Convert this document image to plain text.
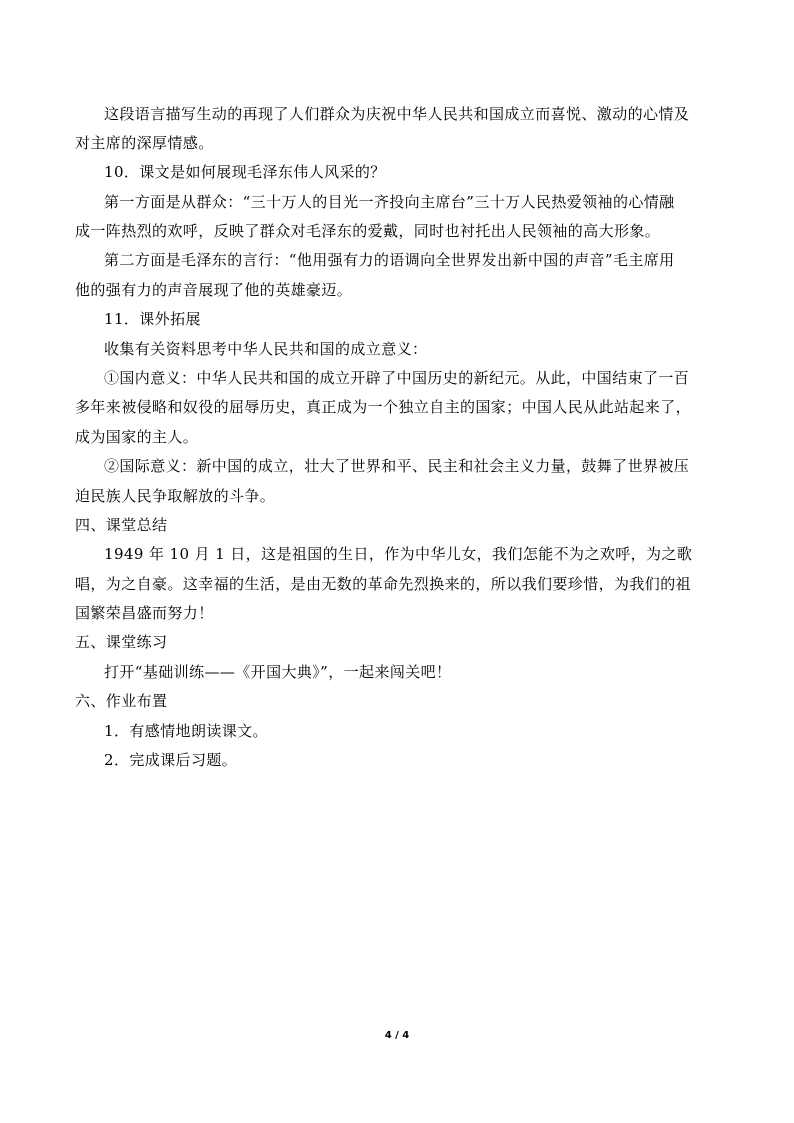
这段语言描写生动的再现了人们群众为庆祝中华人民共和国成立而喜悦、激动的心情及
对主席的深厚情感。
10．课文是如何展现毛泽东伟人风采的？
第一方面是从群众：“三十万人的目光一齐投向主席台”三十万人民热爱领袖的心情融
成一阵热烈的欢呼，反映了群众对毛泽东的爱戴，同时也衬托出人民领袖的高大形象。
第二方面是毛泽东的言行：“他用强有力的语调向全世界发出新中国的声音”毛主席用
他的强有力的声音展现了他的英雄豪迈。
11．课外拓展
收集有关资料思考中华人民共和国的成立意义：
①国内意义：中华人民共和国的成立开辟了中国历史的新纪元。从此，中国结束了一百
多年来被侵略和奴役的屈辱历史，真正成为一个独立自主的国家；中国人民从此站起来了，
成为国家的主人。
②国际意义：新中国的成立，壮大了世界和平、民主和社会主义力量，鼓舞了世界被压
迫民族人民争取解放的斗争。
四、课堂总结
1949 年 10 月 1 日，这是祖国的生日，作为中华儿女，我们怎能不为之欢呼，为之歌
唱，为之自豪。这幸福的生活，是由无数的革命先烈换来的，所以我们要珍惜，为我们的祖
国繁荣昌盛而努力！
五、课堂练习
打开“基础训练——《开国大典》”，一起来闯关吧！
六、作业布置
1．有感情地朗读课文。
2．完成课后习题。
4 / 4
